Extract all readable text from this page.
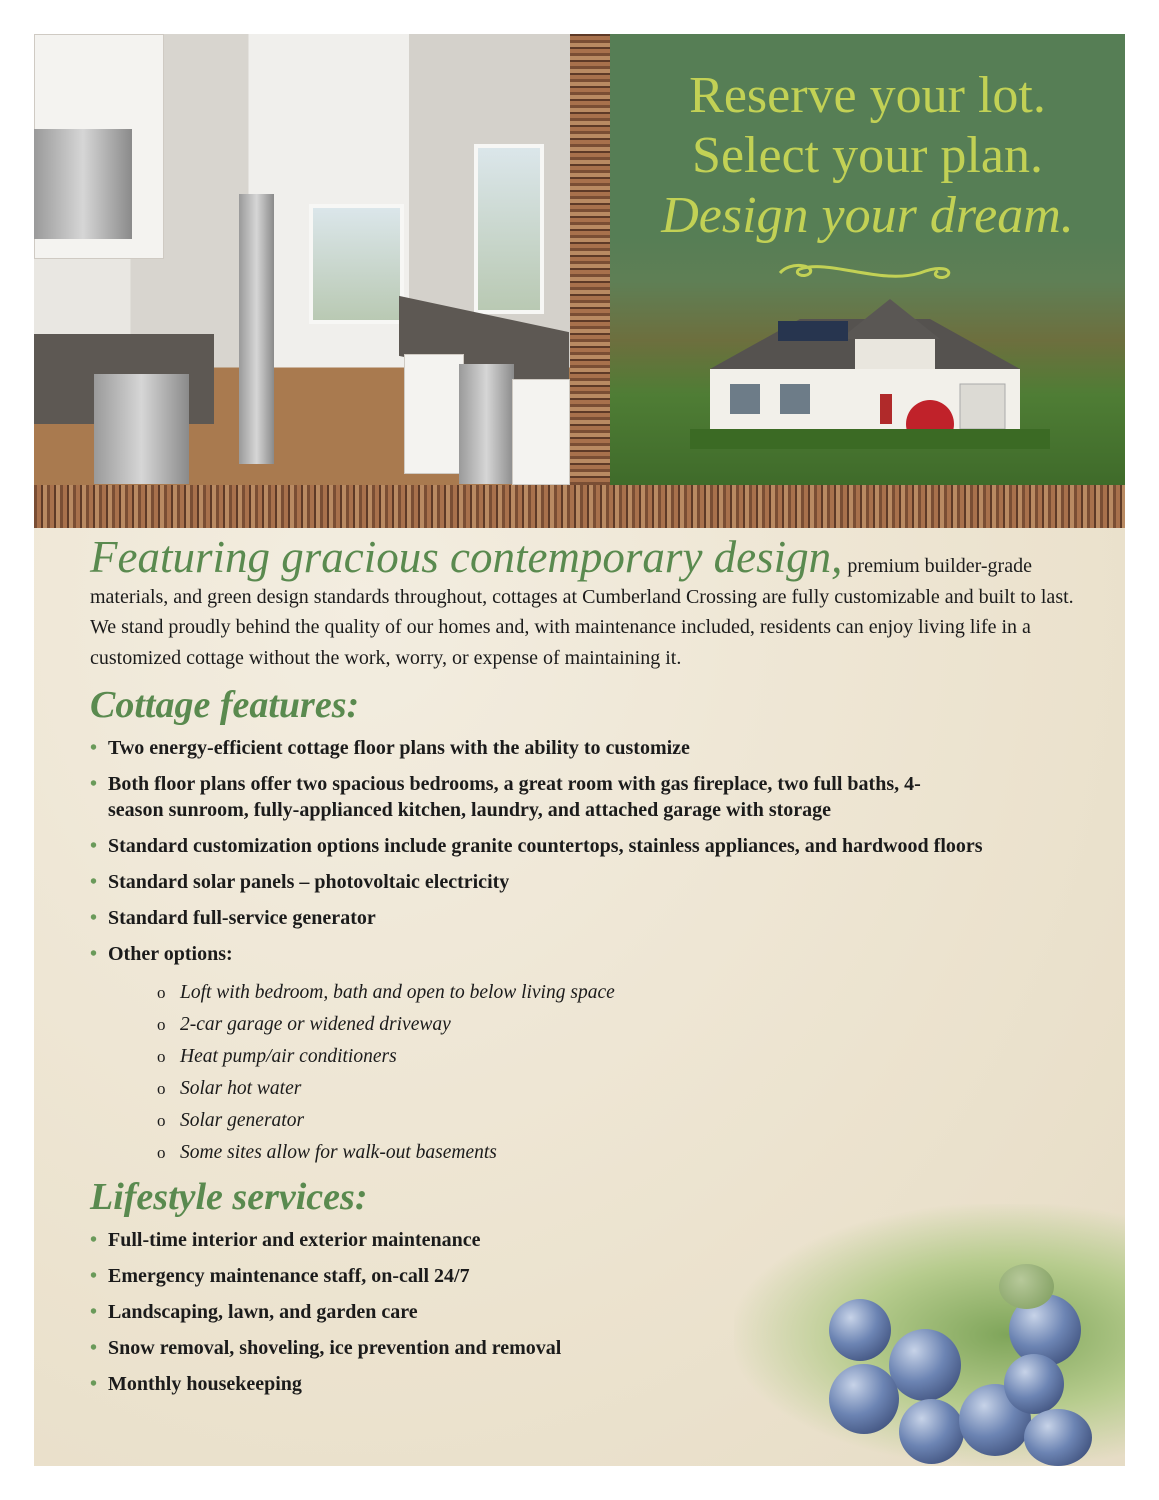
Reserve your lot.
Select your plan.
Design your dream.

Featuring gracious contemporary design, premium builder-grade materials, and green design standards throughout, cottages at Cumberland Crossing are fully customizable and built to last. We stand proudly behind the quality of our homes and, with maintenance included, residents can enjoy living life in a customized cottage without the work, worry, or expense of maintaining it.

Cottage features:
• Two energy-efficient cottage floor plans with the ability to customize
• Both floor plans offer two spacious bedrooms, a great room with gas fireplace, two full baths, 4-season sunroom, fully-applianced kitchen, laundry, and attached garage with storage
• Standard customization options include granite countertops, stainless appliances, and hardwood floors
• Standard solar panels – photovoltaic electricity
• Standard full-service generator
• Other options:
o Loft with bedroom, bath and open to below living space
o 2-car garage or widened driveway
o Heat pump/air conditioners
o Solar hot water
o Solar generator
o Some sites allow for walk-out basements
Lifestyle services:
• Full-time interior and exterior maintenance
• Emergency maintenance staff, on-call 24/7
• Landscaping, lawn, and garden care
• Snow removal, shoveling, ice prevention and removal
• Monthly housekeeping
